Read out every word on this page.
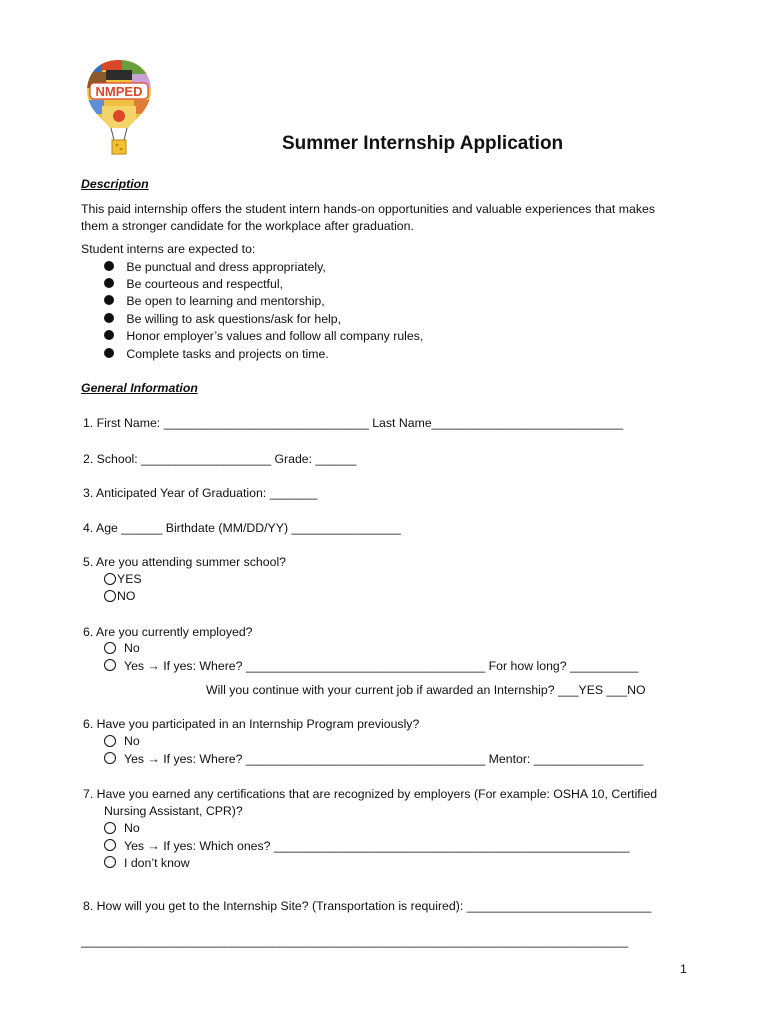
NMPED
Summer Internship Application
Description
This paid internship offers the student intern hands-on opportunities and valuable experiences that makes
them a stronger candidate for the workplace after graduation.
Student interns are expected to:
Be punctual and dress appropriately,
Be courteous and respectful,
Be open to learning and mentorship,
Be willing to ask questions/ask for help,
Honor employer’s values and follow all company rules,
Complete tasks and projects on time.
General Information
1. First Name: ______________________________ Last Name____________________________
2. School: ___________________ Grade: ______
3. Anticipated Year of Graduation: _______
4. Age ______ Birthdate (MM/DD/YY) ________________
5. Are you attending summer school?
YES
NO
6. Are you currently employed?
No
Yes → If yes: Where? ___________________________________ For how long? __________
Will you continue with your current job if awarded an Internship? ___YES ___NO
6. Have you participated in an Internship Program previously?
No
Yes → If yes: Where? ___________________________________ Mentor: ________________
7. Have you earned any certifications that are recognized by employers (For example: OSHA 10, Certified
Nursing Assistant, CPR)?
No
Yes → If yes: Which ones? ____________________________________________________
I don’t know
8. How will you get to the Internship Site? (Transportation is required): ___________________________
________________________________________________________________________________
1
